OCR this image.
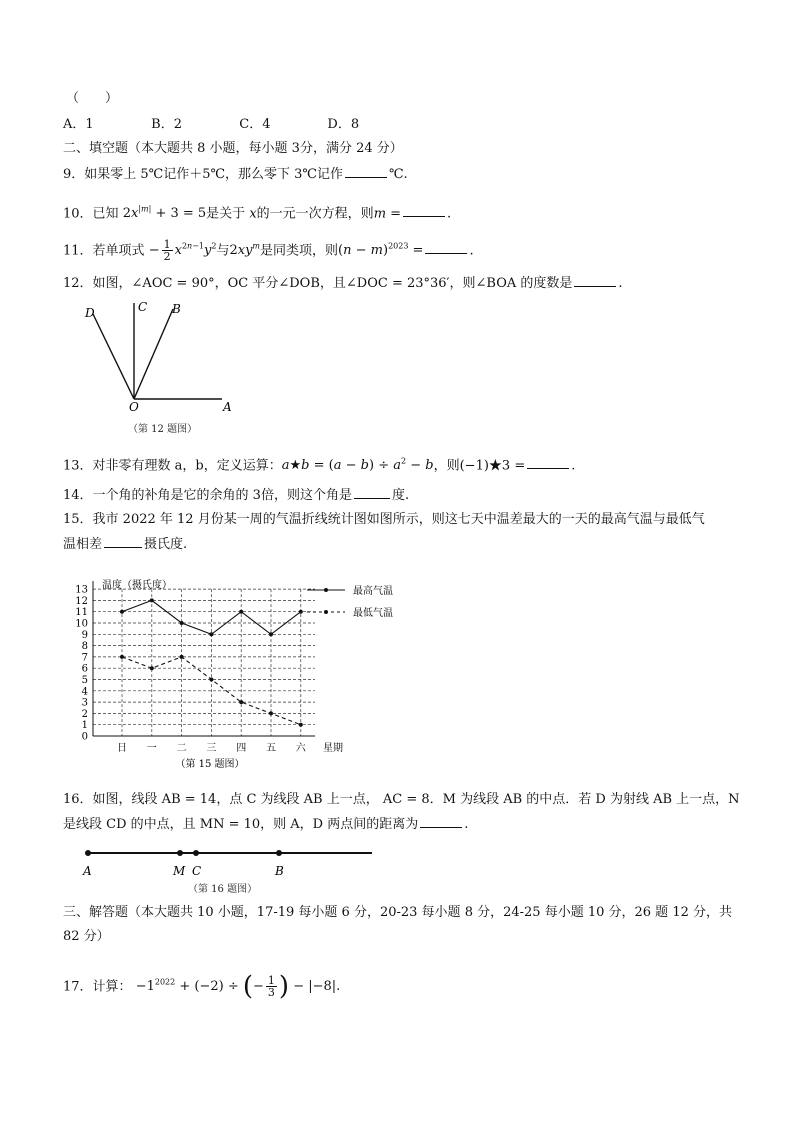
（　　）
A．1	B．2	C．4	D．8
二、填空题（本大题共 8 小题，每小题 3分，满分 24 分）
9．如果零上 5℃记作＋5℃，那么零下 3℃记作	℃.
10．已知 $2x^{|m|} + 3 = 5$是关于 x的一元一次方程，则m =	.
11．若单项式 − $\frac{1}{2} x^{2n-1}y^2$与$2xy^m$是同类项，则$(n - m)^{2023}$ =	.
12．如图，∠AOC = 90°，OC 平分∠DOB，且∠DOC = 23°36′，则∠BOA 的度数是	.
D	C B
O	A
（第 12 题图）
13．对非零有理数 a，b，定义运算：a★b = $(a - b) \div a^2 - b$，则(−1)★3 =	.
14．一个角的补角是它的余角的 3倍，则这个角是	度.
15．我市 2022 年 12 月份某一周的气温折线统计图如图所示，则这七天中温差最大的一天的最高气温与最低气
温相差	摄氏度.
0
1
2
3
4
5
6
7
8
9
10
11
12
13
日 一 二 三 四 五 六
温度（摄氏度）
星期
最高气温
最低气温
（第 15 题图）
16．如图，线段 AB = 14，点 C 为线段 AB 上一点， AC = 8．M 为线段 AB 的中点．若 D 为射线 AB 上一点，N
是线段 CD 的中点，且 MN = 10，则 A，D 两点间的距离为	.
A	M C	B
（第 16 题图）
三、解答题（本大题共 10 小题，17-19 每小题 6 分，20-23 每小题 8 分，24-25 每小题 10 分，26 题 12 分，共
82 分）
17．计算： $-1^{2022} + (-2)$ ÷ (− $\frac{1}{3}$ ) − |−8|.
